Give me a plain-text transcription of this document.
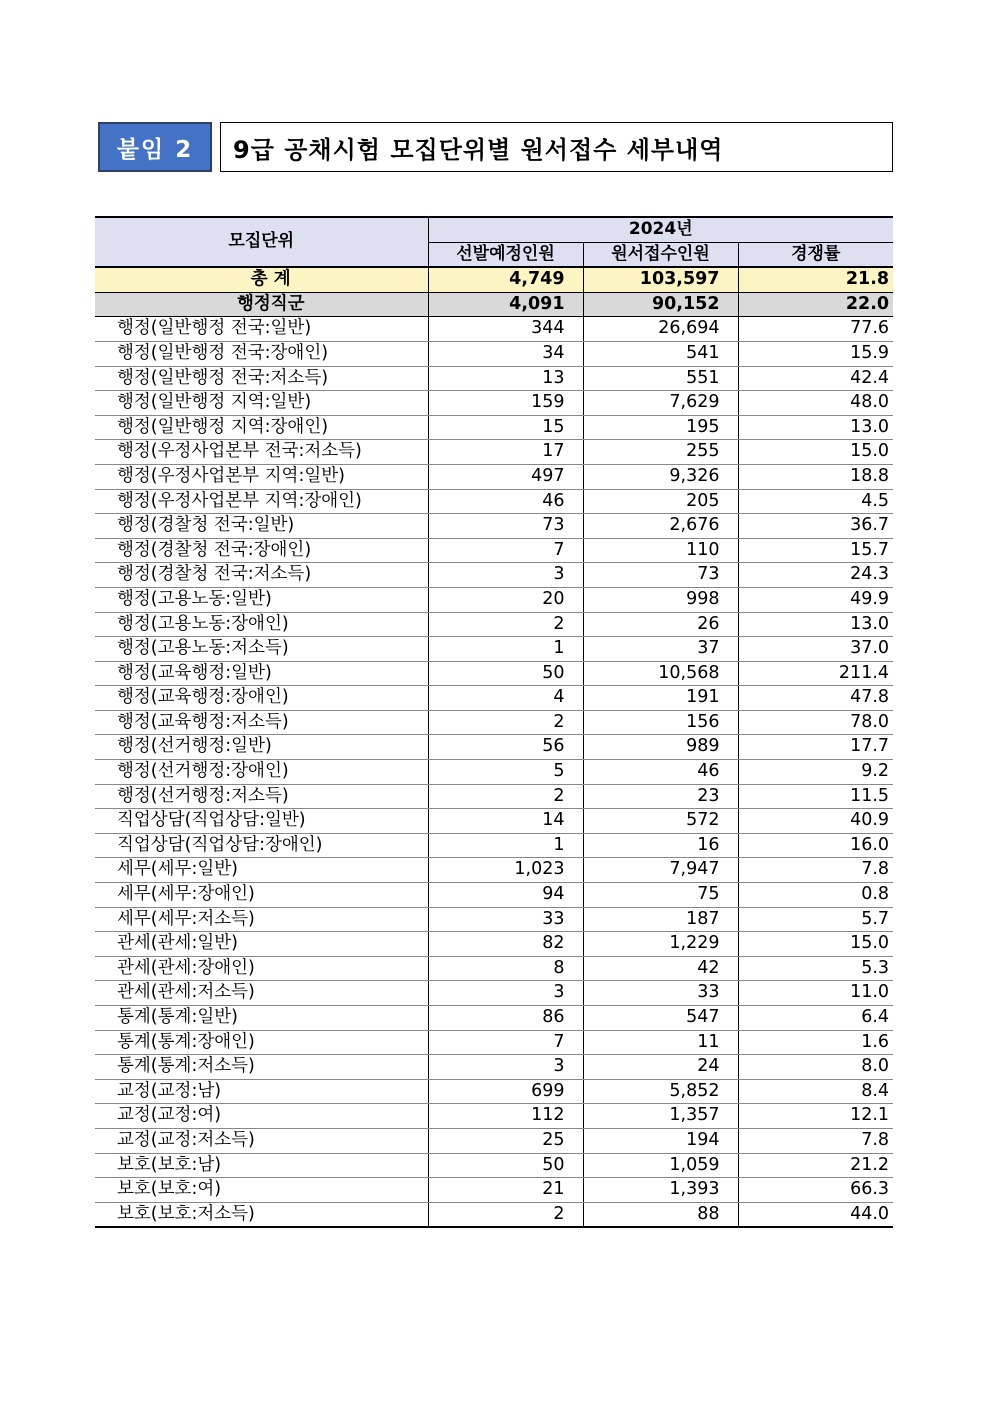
붙임 2	9급 공채시험 모집단위별 원서접수 세부내역
모집단위	2024년		
	선발예정인원	원서접수인원	경쟁률
총 계	4,749	103,597	21.8
행정직군	4,091	90,152	22.0
행정(일반행정 전국:일반)	344	26,694	77.6
행정(일반행정 전국:장애인)	34	541	15.9
행정(일반행정 전국:저소득)	13	551	42.4
행정(일반행정 지역:일반)	159	7,629	48.0
행정(일반행정 지역:장애인)	15	195	13.0
행정(우정사업본부 전국:저소득)	17	255	15.0
행정(우정사업본부 지역:일반)	497	9,326	18.8
행정(우정사업본부 지역:장애인)	46	205	4.5
행정(경찰청 전국:일반)	73	2,676	36.7
행정(경찰청 전국:장애인)	7	110	15.7
행정(경찰청 전국:저소득)	3	73	24.3
행정(고용노동:일반)	20	998	49.9
행정(고용노동:장애인)	2	26	13.0
행정(고용노동:저소득)	1	37	37.0
행정(교육행정:일반)	50	10,568	211.4
행정(교육행정:장애인)	4	191	47.8
행정(교육행정:저소득)	2	156	78.0
행정(선거행정:일반)	56	989	17.7
행정(선거행정:장애인)	5	46	9.2
행정(선거행정:저소득)	2	23	11.5
직업상담(직업상담:일반)	14	572	40.9
직업상담(직업상담:장애인)	1	16	16.0
세무(세무:일반)	1,023	7,947	7.8
세무(세무:장애인)	94	75	0.8
세무(세무:저소득)	33	187	5.7
관세(관세:일반)	82	1,229	15.0
관세(관세:장애인)	8	42	5.3
관세(관세:저소득)	3	33	11.0
통계(통계:일반)	86	547	6.4
통계(통계:장애인)	7	11	1.6
통계(통계:저소득)	3	24	8.0
교정(교정:남)	699	5,852	8.4
교정(교정:여)	112	1,357	12.1
교정(교정:저소득)	25	194	7.8
보호(보호:남)	50	1,059	21.2
보호(보호:여)	21	1,393	66.3
보호(보호:저소득)	2	88	44.0
